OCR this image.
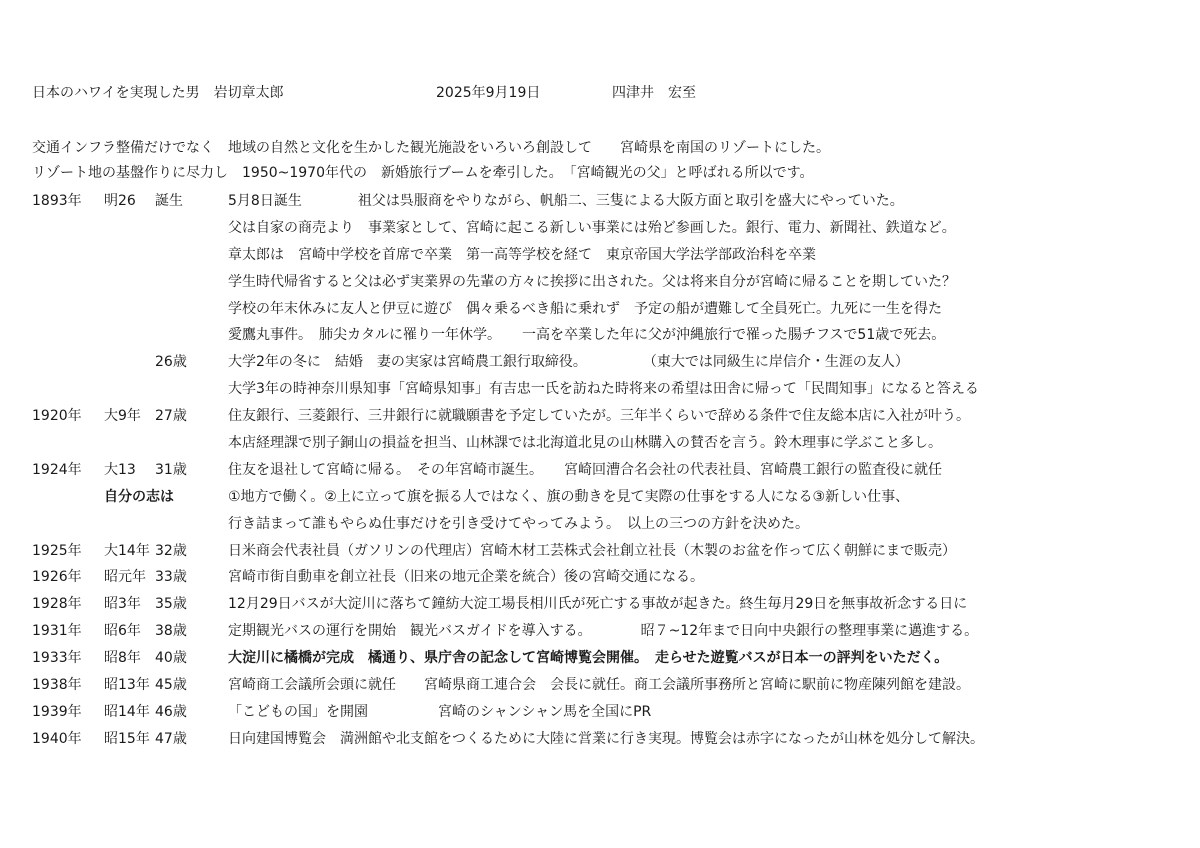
日本のハワイを実現した男　岩切章太郎	2025年9月19日	四津井　宏至
交通インフラ整備だけでなく　地域の自然と文化を生かした観光施設をいろいろ創設して　　宮崎県を南国のリゾートにした。
リゾート地の基盤作りに尽力し　1950~1970年代の　新婚旅行ブームを牽引した。　「宮崎観光の父」と呼ばれる所以です。
1893年 明26 誕生	5月8日誕生　　　　祖父は呉服商をやりながら、帆船二、三隻による大阪方面と取引を盛大にやっていた。
父は自家の商売より　事業家として、宮崎に起こる新しい事業には殆ど参画した。銀行、電力、新聞社、鉄道など。
章太郎は　宮崎中学校を首席で卒業　第一高等学校を経て　東京帝国大学法学部政治科を卒業
学生時代帰省すると父は必ず実業界の先輩の方々に挨拶に出された。父は将来自分が宮崎に帰ることを期していた？
学校の年末休みに友人と伊豆に遊び　偶々乗るべき船に乗れず　予定の船が遭難して全員死亡。九死に一生を得た
愛鷹丸事件。　肺尖カタルに罹り一年休学。　　一高を卒業した年に父が沖縄旅行で罹った腸チフスで51歳で死去。
26歳	大学2年の冬に　結婚　妻の実家は宮崎農工銀行取締役。　　　　　（東大では同級生に岸信介・生涯の友人）
大学3年の時神奈川県知事「宮崎県知事」有吉忠一氏を訪ねた時将来の希望は田舎に帰って「民間知事」になると答える
1920年 大9年 27歳	住友銀行、三菱銀行、三井銀行に就職願書を予定していたが。三年半くらいで辞める条件で住友総本店に入社が叶う。
本店経理課で別子銅山の損益を担当、山林課では北海道北見の山林購入の賛否を言う。鈴木理事に学ぶこと多し。
1924年 大13 31歳	住友を退社して宮崎に帰る。　その年宮崎市誕生。　　宮崎回漕合名会社の代表社員、宮崎農工銀行の監査役に就任
自分の志は	①地方で働く。②上に立って旗を振る人ではなく、旗の動きを見て実際の仕事をする人になる③新しい仕事、
行き詰まって誰もやらぬ仕事だけを引き受けてやってみよう。　以上の三つの方針を決めた。
1925年 大14年 32歳	日米商会代表社員（ガソリンの代理店）宮崎木材工芸株式会社創立社長（木製のお盆を作って広く朝鮮にまで販売）
1926年 昭元年 33歳	宮崎市街自動車を創立社長（旧来の地元企業を統合）後の宮崎交通になる。
1928年 昭3年 35歳	12月29日バスが大淀川に落ちて鐘紡大淀工場長相川氏が死亡する事故が起きた。終生毎月29日を無事故祈念する日に
1931年 昭6年 38歳	定期観光バスの運行を開始　観光バスガイドを導入する。　　　　昭７~12年まで日向中央銀行の整理事業に邁進する。
1933年 昭8年 40歳	大淀川に橘橋が完成　橘通り、県庁舎の記念して宮崎博覧会開催。　走らせた遊覧バスが日本一の評判をいただく。
1938年 昭13年 45歳	宮崎商工会議所会頭に就任　　宮崎県商工連合会　会長に就任。商工会議所事務所と宮崎に駅前に物産陳列館を建設。
1939年 昭14年 46歳	「こどもの国」を開園　　　　　宮崎のシャンシャン馬を全国にPR
1940年 昭15年 47歳	日向建国博覧会　満洲館や北支館をつくるために大陸に営業に行き実現。博覧会は赤字になったが山林を処分して解決。
